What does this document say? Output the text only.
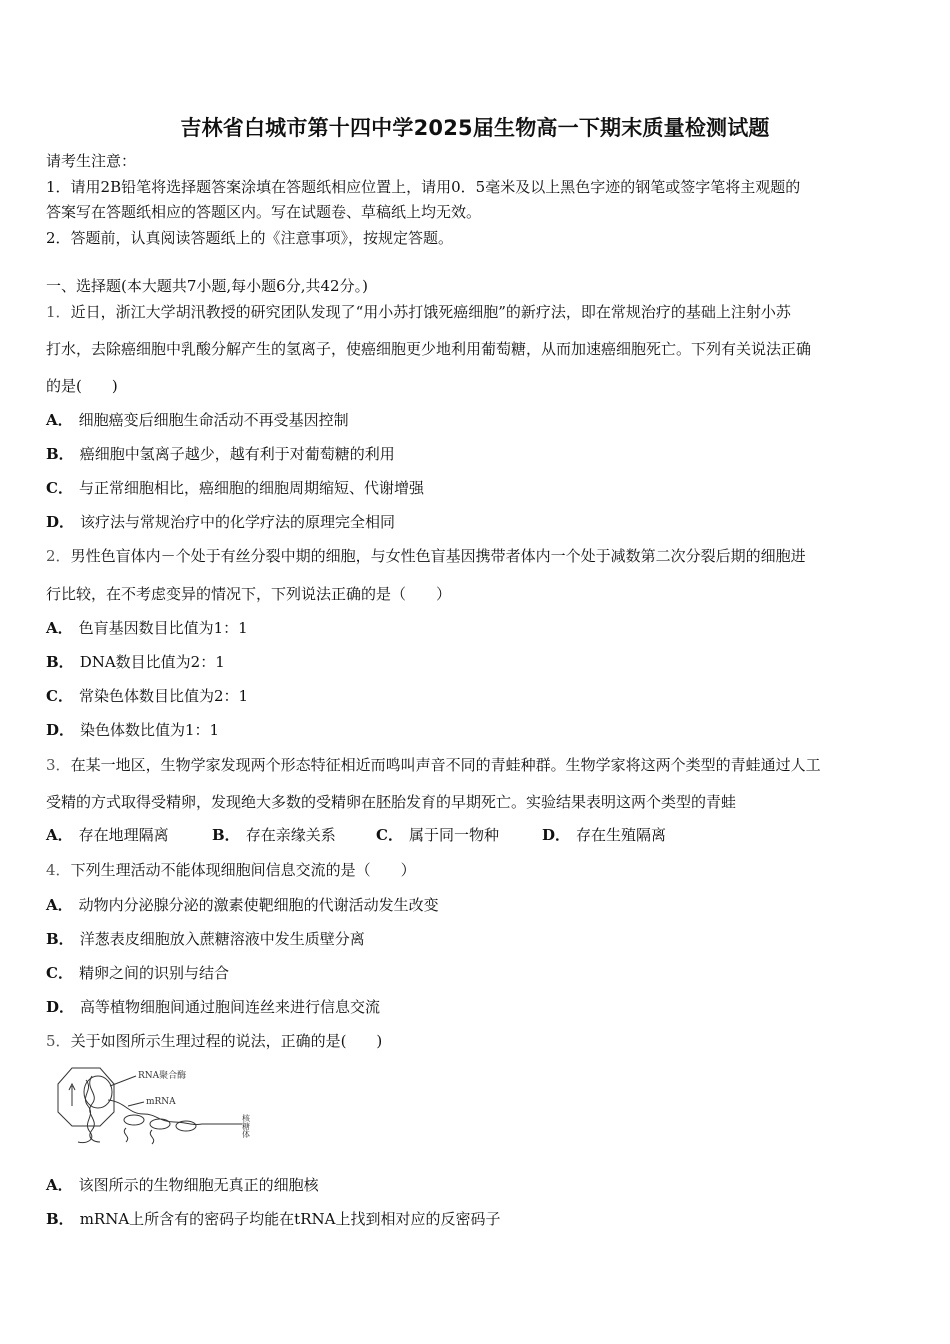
吉林省白城市第十四中学2025届生物高一下期末质量检测试题
请考生注意：
1．请用2B铅笔将选择题答案涂填在答题纸相应位置上，请用0．5毫米及以上黑色字迹的钢笔或签字笔将主观题的
答案写在答题纸相应的答题区内。写在试题卷、草稿纸上均无效。
2．答题前，认真阅读答题纸上的《注意事项》，按规定答题。
一、选择题(本大题共7小题,每小题6分,共42分。)
1．近日，浙江大学胡汛教授的研究团队发现了“用小苏打饿死癌细胞”的新疗法，即在常规治疗的基础上注射小苏
打水，去除癌细胞中乳酸分解产生的氢离子，使癌细胞更少地利用葡萄糖，从而加速癌细胞死亡。下列有关说法正确
的是(　　)
A． 细胞癌变后细胞生命活动不再受基因控制
B． 癌细胞中氢离子越少，越有利于对葡萄糖的利用
C． 与正常细胞相比，癌细胞的细胞周期缩短、代谢增强
D． 该疗法与常规治疗中的化学疗法的原理完全相同
2．男性色盲体内－个处于有丝分裂中期的细胞，与女性色盲基因携带者体内一个处于减数第二次分裂后期的细胞进
行比较，在不考虑变异的情况下，下列说法正确的是（　　）
A． 色肓基因数目比值为1：1
B． DNA数目比值为2：1
C． 常染色体数目比值为2：1
D． 染色体数比值为1：1
3．在某一地区，生物学家发现两个形态特征相近而鸣叫声音不同的青蛙种群。生物学家将这两个类型的青蛙通过人工
受精的方式取得受精卵，发现绝大多数的受精卵在胚胎发育的早期死亡。实验结果表明这两个类型的青蛙
A． 存在地理隔离	B． 存在亲缘关系	C． 属于同一物种	D． 存在生殖隔离
4．下列生理活动不能体现细胞间信息交流的是（　　）
A． 动物内分泌腺分泌的激素使靶细胞的代谢活动发生改变
B． 洋葱表皮细胞放入蔗糖溶液中发生质壁分离
C． 精卵之间的识别与结合
D． 高等植物细胞间通过胞间连丝来进行信息交流
5．关于如图所示生理过程的说法，正确的是(　　)
RNA聚合酶
mRNA
核糖体
A． 该图所示的生物细胞无真正的细胞核
B． mRNA上所含有的密码子均能在tRNA上找到相对应的反密码子
